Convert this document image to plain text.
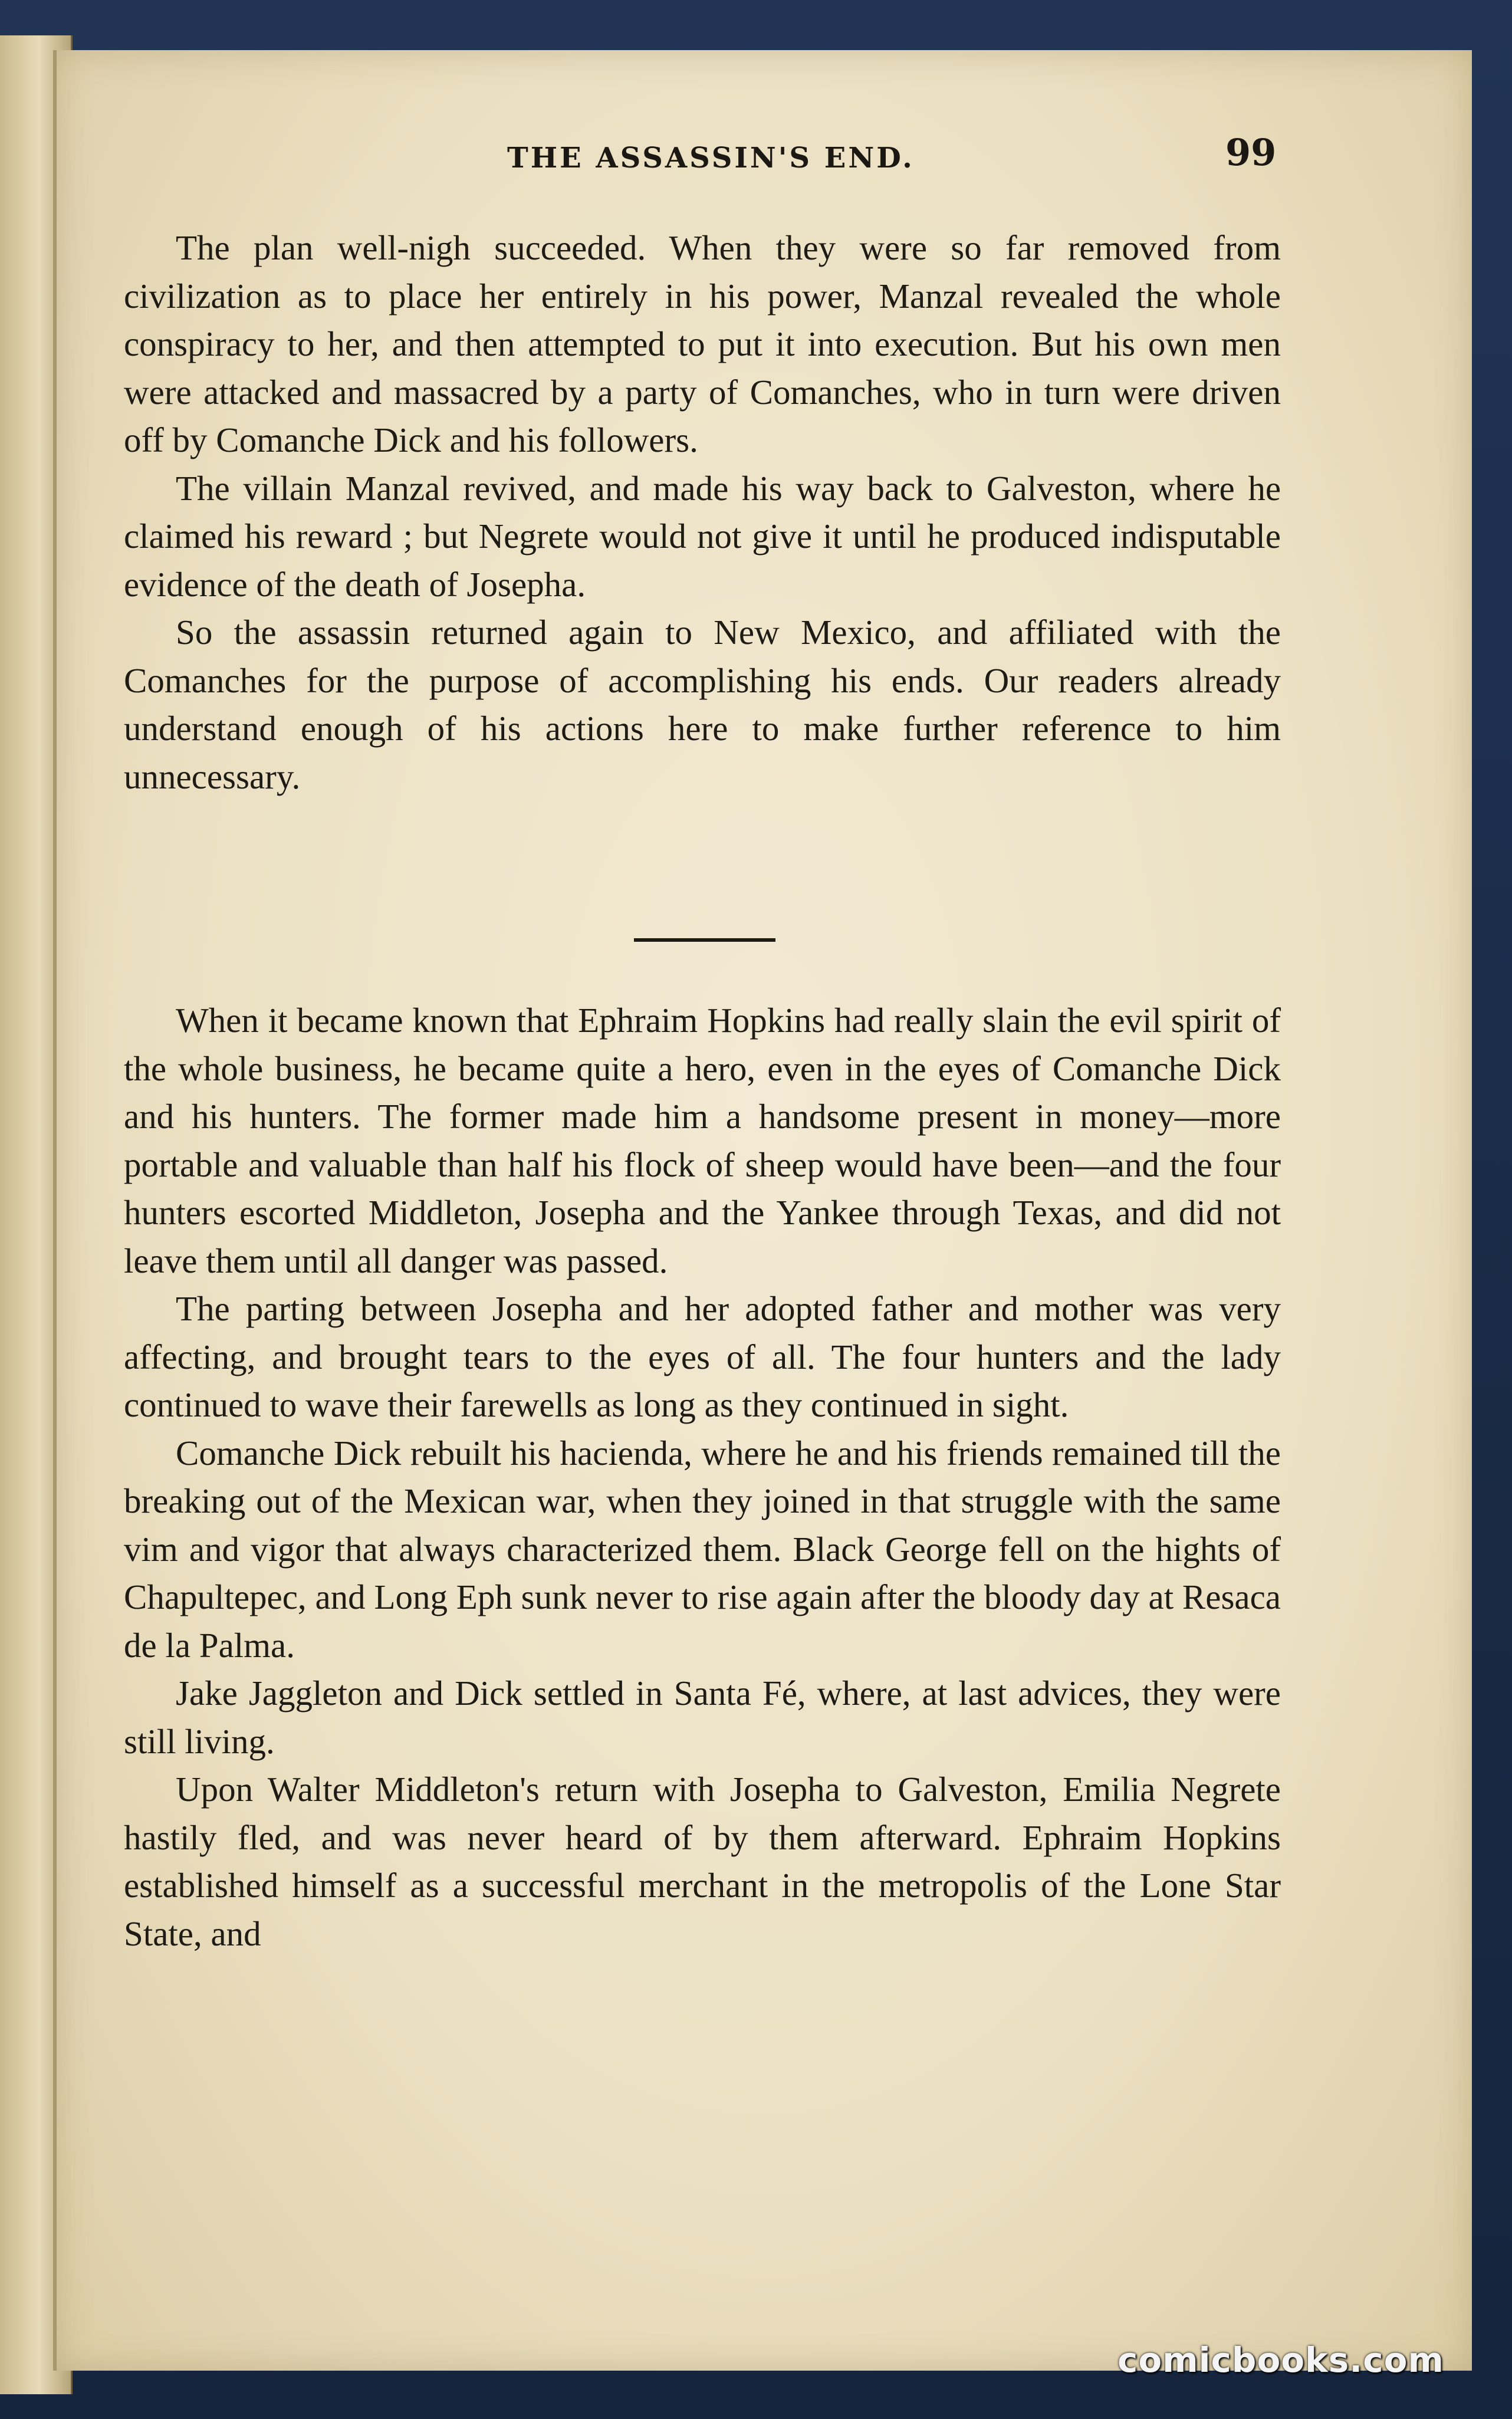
THE ASSASSIN'S END.	99

The plan well-nigh succeeded. When they were so far removed from civilization as to place her entirely in his power, Manzal revealed the whole conspiracy to her, and then attempted to put it into execution. But his own men were attacked and massacred by a party of Comanches, who in turn were driven off by Comanche Dick and his followers.

The villain Manzal revived, and made his way back to Galveston, where he claimed his reward ; but Negrete would not give it until he produced indisputable evidence of the death of Josepha.

So the assassin returned again to New Mexico, and affiliated with the Comanches for the purpose of accomplishing his ends. Our readers already understand enough of his actions here to make further reference to him unnecessary.

When it became known that Ephraim Hopkins had really slain the evil spirit of the whole business, he became quite a hero, even in the eyes of Comanche Dick and his hunters. The former made him a handsome present in money—more portable and valuable than half his flock of sheep would have been—and the four hunters escorted Middleton, Josepha and the Yankee through Texas, and did not leave them until all danger was passed.

The parting between Josepha and her adopted father and mother was very affecting, and brought tears to the eyes of all. The four hunters and the lady continued to wave their farewells as long as they continued in sight.

Comanche Dick rebuilt his hacienda, where he and his friends remained till the breaking out of the Mexican war, when they joined in that struggle with the same vim and vigor that always characterized them. Black George fell on the hights of Chapultepec, and Long Eph sunk never to rise again after the bloody day at Resaca de la Palma.

Jake Jaggleton and Dick settled in Santa Fé, where, at last advices, they were still living.

Upon Walter Middleton's return with Josepha to Galveston, Emilia Negrete hastily fled, and was never heard of by them afterward. Ephraim Hopkins established himself as a successful merchant in the metropolis of the Lone Star State, and

comicbooks.com
